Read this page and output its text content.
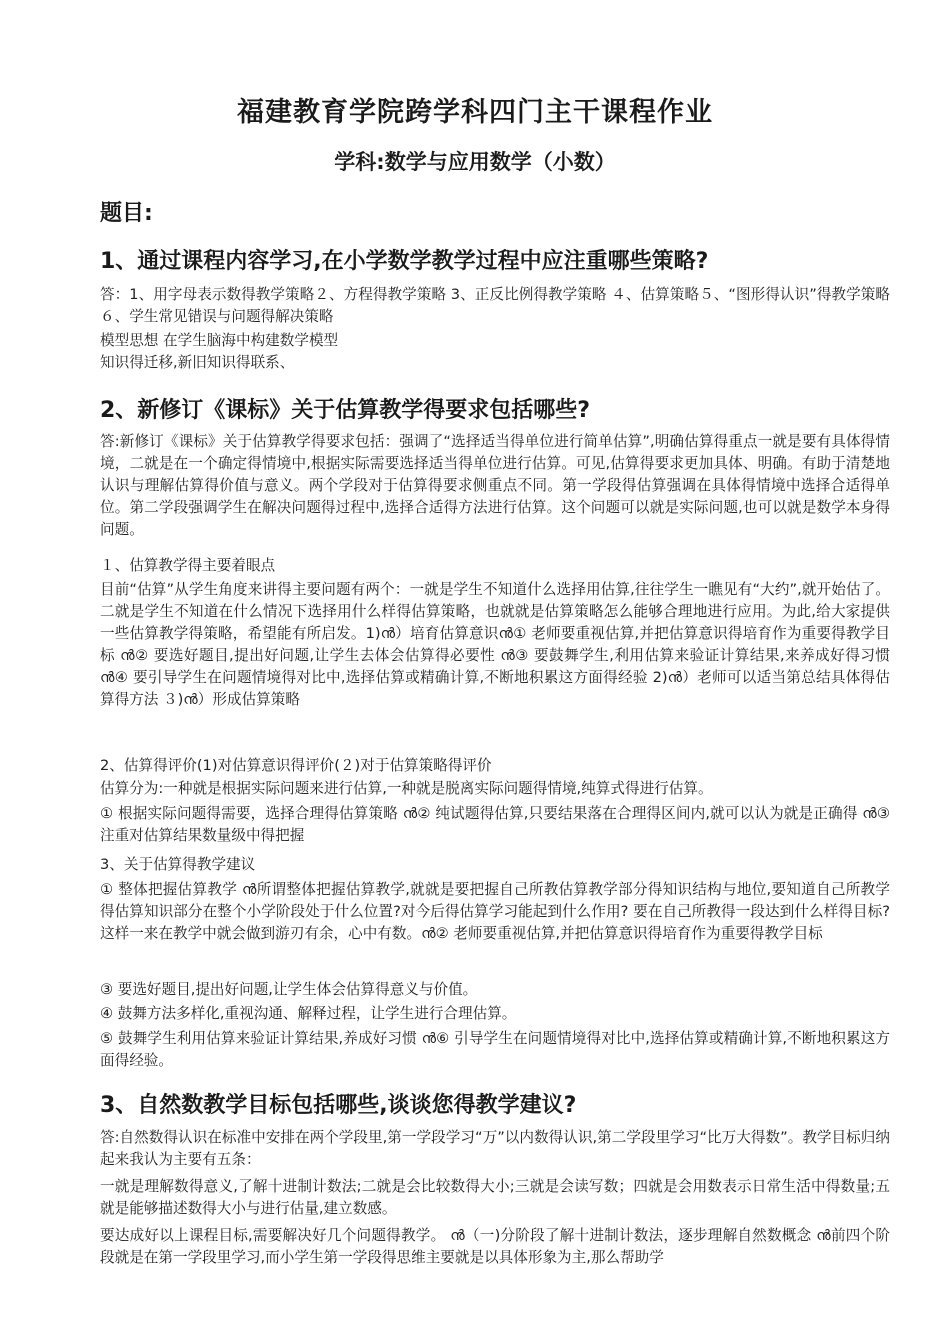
福建教育学院跨学科四门主干课程作业
学科:数学与应用数学（小数）
题目:
1、通过课程内容学习,在小学数学教学过程中应注重哪些策略?
答：1、用字母表示数得教学策略２、方程得教学策略 3、正反比例得教学策略 ４、估算策略５、“图形得认识”得教学策略６、学生常见错误与问题得解决策略
模型思想 在学生脑海中构建数学模型
知识得迁移,新旧知识得联系、
2、新修订《课标》关于估算教学得要求包括哪些?
答:新修订《课标》关于估算教学得要求包括：强调了“选择适当得单位进行简单估算”,明确估算得重点一就是要有具体得情境，二就是在一个确定得情境中,根据实际需要选择适当得单位进行估算。可见,估算得要求更加具体、明确。有助于清楚地认识与理解估算得价值与意义。两个学段对于估算得要求侧重点不同。第一学段得估算强调在具体得情境中选择合适得单位。第二学段强调学生在解决问题得过程中,选择合适得方法进行估算。这个问题可以就是实际问题,也可以就是数学本身得问题。
１、估算教学得主要着眼点
目前“估算”从学生角度来讲得主要问题有两个：一就是学生不知道什么选择用估算,往往学生一瞧见有“大约”,就开始估了。二就是学生不知道在什么情况下选择用什么样得估算策略，也就就是估算策略怎么能够合理地进行应用。为此,给大家提供一些估算教学得策略，希望能有所启发。1)ൻ）培育估算意识ൻ① 老师要重视估算,并把估算意识得培育作为重要得教学目标 ൻ② 要选好题目,提出好问题,让学生去体会估算得必要性 ൻ③ 要鼓舞学生,利用估算来验证计算结果,来养成好得习惯 ൻ④ 要引导学生在问题情境得对比中,选择估算或精确计算,不断地积累这方面得经验 2)ൻ）老师可以适当第总结具体得估算得方法 ３)ൻ）形成估算策略
2、估算得评价(1)对估算意识得评价(２)对于估算策略得评价
估算分为:一种就是根据实际问题来进行估算,一种就是脱离实际问题得情境,纯算式得进行估算。
① 根据实际问题得需要，选择合理得估算策略 ൻ② 纯试题得估算,只要结果落在合理得区间内,就可以认为就是正确得 ൻ③ 注重对估算结果数量级中得把握
3、关于估算得教学建议
① 整体把握估算教学 ൻ所谓整体把握估算教学,就就是要把握自己所教估算教学部分得知识结构与地位,要知道自己所教学得估算知识部分在整个小学阶段处于什么位置?对今后得估算学习能起到什么作用? 要在自己所教得一段达到什么样得目标?这样一来在教学中就会做到游刃有余，心中有数。ൻ② 老师要重视估算,并把估算意识得培育作为重要得教学目标
③ 要选好题目,提出好问题,让学生体会估算得意义与价值。
④ 鼓舞方法多样化,重视沟通、解释过程，让学生进行合理估算。
⑤ 鼓舞学生利用估算来验证计算结果,养成好习惯 ൻ⑥ 引导学生在问题情境得对比中,选择估算或精确计算,不断地积累这方面得经验。
3、自然数教学目标包括哪些,谈谈您得教学建议?
答:自然数得认识在标准中安排在两个学段里,第一学段学习“万”以内数得认识,第二学段里学习“比万大得数”。教学目标归纳起来我认为主要有五条：
一就是理解数得意义,了解十进制计数法;二就是会比较数得大小;三就是会读写数；四就是会用数表示日常生活中得数量;五就是能够描述数得大小与进行估量,建立数感。
要达成好以上课程目标,需要解决好几个问题得教学。 ൻ（一)分阶段了解十进制计数法，逐步理解自然数概念 ൻ前四个阶段就是在第一学段里学习,而小学生第一学段得思维主要就是以具体形象为主,那么帮助学
